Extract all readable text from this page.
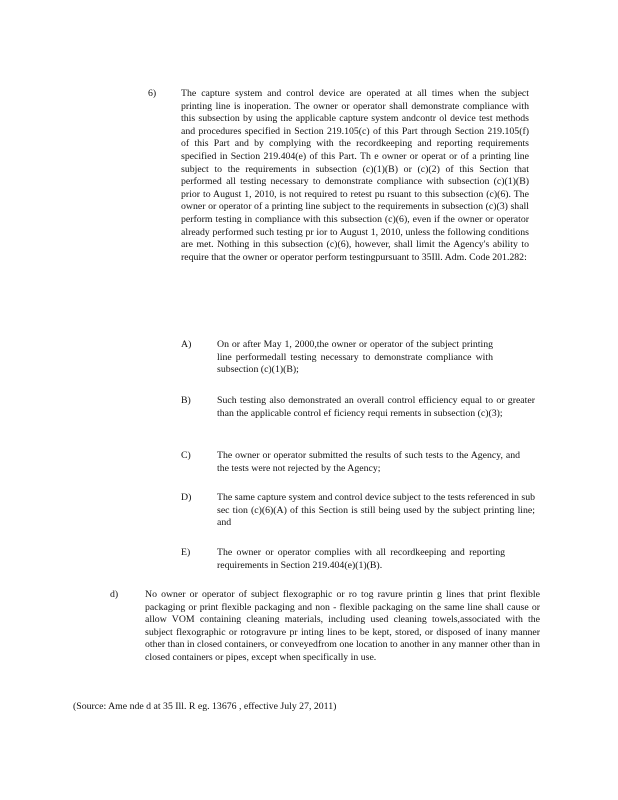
6)	The capture system and control device are operated at all times when the subject printing line is inoperation. The owner or operator shall demonstrate compliance with this subsection by using the applicable capture system andcontr ol device test methods and procedures specified in Section 219.105(c) of this Part through Section 219.105(f) of this Part and by complying with the recordkeeping and reporting requirements specified in Section 219.404(e) of this Part. Th e owner or operat or of a printing line subject to the requirements in subsection (c)(1)(B) or (c)(2) of this Section that performed all testing necessary to demonstrate compliance with subsection (c)(1)(B) prior to August 1, 2010, is not required to retest pu rsuant to this subsection (c)(6). The owner or operator of a printing line subject to the requirements in subsection (c)(3) shall perform testing in compliance with this subsection (c)(6), even if the owner or operator already performed such testing pr ior to August 1, 2010, unless the following conditions are met. Nothing in this subsection (c)(6), however, shall limit the Agency's ability to require that the owner or operator perform testingpursuant to 35Ill. Adm. Code 201.282:

A)	On or after May 1, 2000,the owner or operator of the subject printing line performedall testing necessary to demonstrate compliance with subsection (c)(1)(B);

B)	Such testing also demonstrated an overall control efficiency equal to or greater than the applicable control ef ficiency requi rements in subsection (c)(3);

C)	The owner or operator submitted the results of such tests to the Agency, and the tests were not rejected by the Agency;

D)	The same capture system and control device subject to the tests referenced in sub sec tion (c)(6)(A) of this Section is still being used by the subject printing line; and

E)	The owner or operator complies with all recordkeeping and reporting requirements in Section 219.404(e)(1)(B).

d)	No owner or operator of subject flexographic or ro tog ravure printin g lines that print flexible packaging or print flexible packaging and non - flexible packaging on the same line shall cause or allow VOM containing cleaning materials, including used cleaning towels,associated with the subject flexographic or rotogravure pr inting lines to be kept, stored, or disposed of inany manner other than in closed containers, or conveyedfrom one location to another in any manner other than in closed containers or pipes, except when specifically in use.

(Source: Ame nde d at 35 Ill. R eg. 13676 , effective July 27, 2011)
